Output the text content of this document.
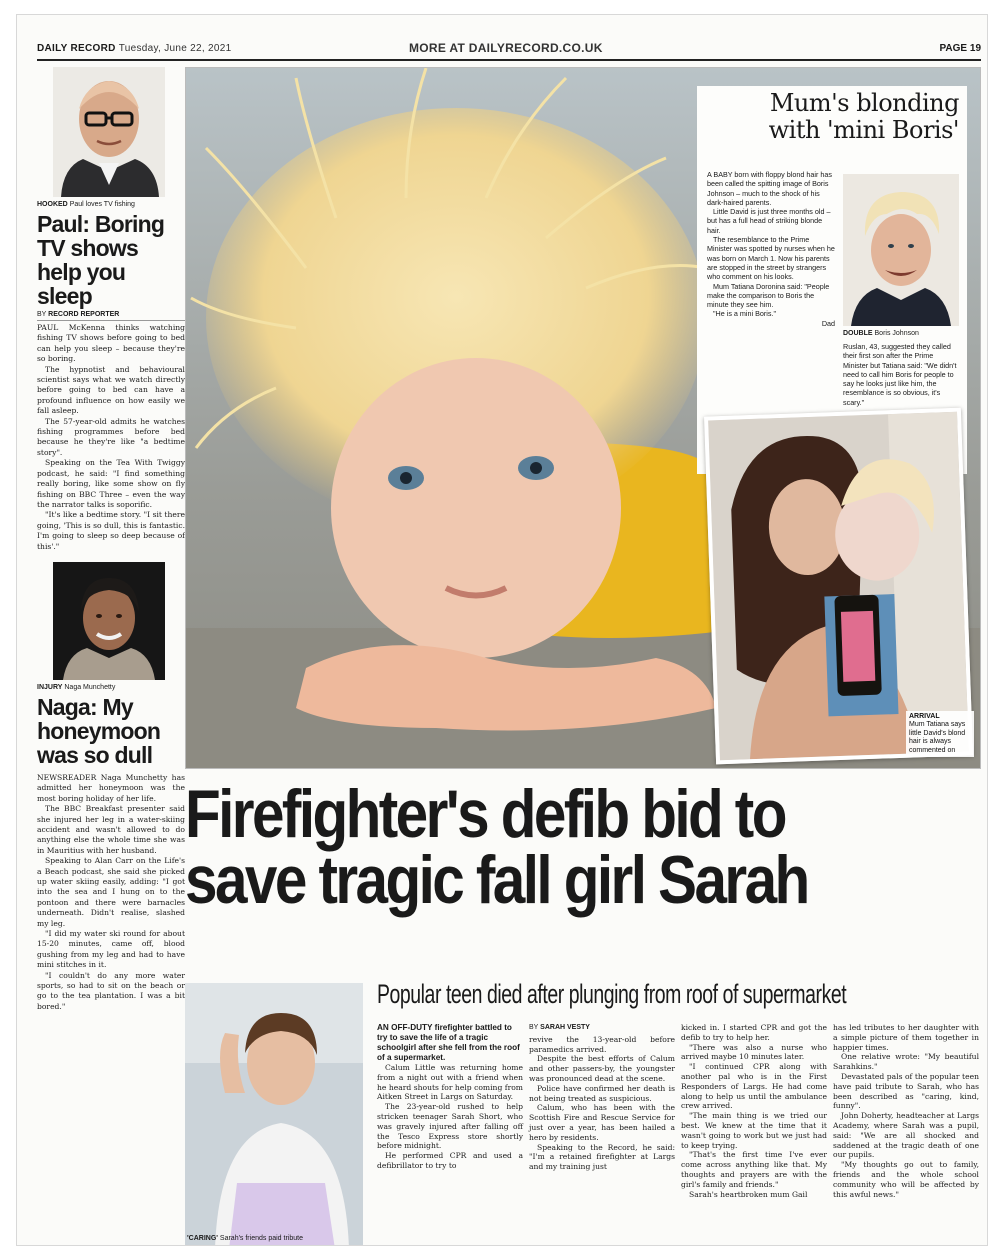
DAILY RECORD Tuesday, June 22, 2021	MORE AT DAILYRECORD.CO.UK	PAGE 19
HOOKED Paul loves TV fishing
Paul: Boring TV shows help you sleep
BY RECORD REPORTER

PAUL McKenna thinks watching fishing TV shows before going to bed can help you sleep – because they're so boring.

The hypnotist and behavioural scientist says what we watch directly before going to bed can have a profound influence on how easily we fall asleep.

The 57-year-old admits he watches fishing programmes before bed because he they're like "a bedtime story".

Speaking on the Tea With Twiggy podcast, he said: "I find something really boring, like some show on fly fishing on BBC Three – even the way the narrator talks is soporific.

"It's like a bedtime story. "I sit there going, 'This is so dull, this is fantastic. I'm going to sleep so deep because of this'."

INJURY Naga Munchetty
Naga: My honeymoon was so dull

NEWSREADER Naga Munchetty has admitted her honeymoon was the most boring holiday of her life.

The BBC Breakfast presenter said she injured her leg in a water-skiing accident and wasn't allowed to do anything else the whole time she was in Mauritius with her husband.

Speaking to Alan Carr on the Life's a Beach podcast, she said she picked up water skiing easily, adding: "I got into the sea and I hung on to the pontoon and there were barnacles underneath. Didn't realise, slashed my leg.

"I did my water ski round for about 15-20 minutes, came off, blood gushing from my leg and had to have mini stitches in it.

"I couldn't do any more water sports, so had to sit on the beach or go to the tea plantation. I was a bit bored."

Mum's blonding
with 'mini Boris'

A BABY born with floppy blond hair has been called the spitting image of Boris Johnson – much to the shock of his dark-haired parents.

Little David is just three months old – but has a full head of striking blonde hair.

The resemblance to the Prime Minister was spotted by nurses when he was born on March 1. Now his parents are stopped in the street by strangers who comment on his looks.

Mum Tatiana Doronina said: "People make the comparison to Boris the minute they see him.

"He is a mini Boris."

Dad
DOUBLE Boris Johnson

Ruslan, 43, suggested they called their first son after the Prime Minister but Tatiana said: "We didn't need to call him Boris for people to say he looks just like him, the resemblance is so obvious, it's scary."

ARRIVAL
Mum Tatiana says little David's blond hair is always commented on
Firefighter's defib bid to
save tragic fall girl Sarah
Popular teen died after plunging from roof of supermarket
'CARING' Sarah's friends paid tribute

AN OFF-DUTY firefighter battled to try to save the life of a tragic schoolgirl after she fell from the roof of a supermarket.

Calum Little was returning home from a night out with a friend when he heard shouts for help coming from Aitken Street in Largs on Saturday.

The 23-year-old rushed to help stricken teenager Sarah Short, who was gravely injured after falling off the Tesco Express store shortly before midnight.

He performed CPR and used a defibrillator to try to

BY SARAH VESTY

revive the 13-year-old before paramedics arrived.

Despite the best efforts of Calum and other passers-by, the youngster was pronounced dead at the scene.

Police have confirmed her death is not being treated as suspicious.

Calum, who has been with the Scottish Fire and Rescue Service for just over a year, has been hailed a hero by residents.

Speaking to the Record, he said: "I'm a retained firefighter at Largs and my training just

kicked in. I started CPR and got the defib to try to help her.

"There was also a nurse who arrived maybe 10 minutes later.

"I continued CPR along with another pal who is in the First Responders of Largs. He had come along to help us until the ambulance crew arrived.

"The main thing is we tried our best. We knew at the time that it wasn't going to work but we just had to keep trying.

"That's the first time I've ever come across anything like that. My thoughts and prayers are with the girl's family and friends."

Sarah's heartbroken mum Gail

has led tributes to her daughter with a simple picture of them together in happier times.

One relative wrote: "My beautiful Sarahkins."

Devastated pals of the popular teen have paid tribute to Sarah, who has been described as "caring, kind, funny".

John Doherty, headteacher at Largs Academy, where Sarah was a pupil, said: "We are all shocked and saddened at the tragic death of one our pupils.

"My thoughts go out to family, friends and the whole school community who will be affected by this awful news."
